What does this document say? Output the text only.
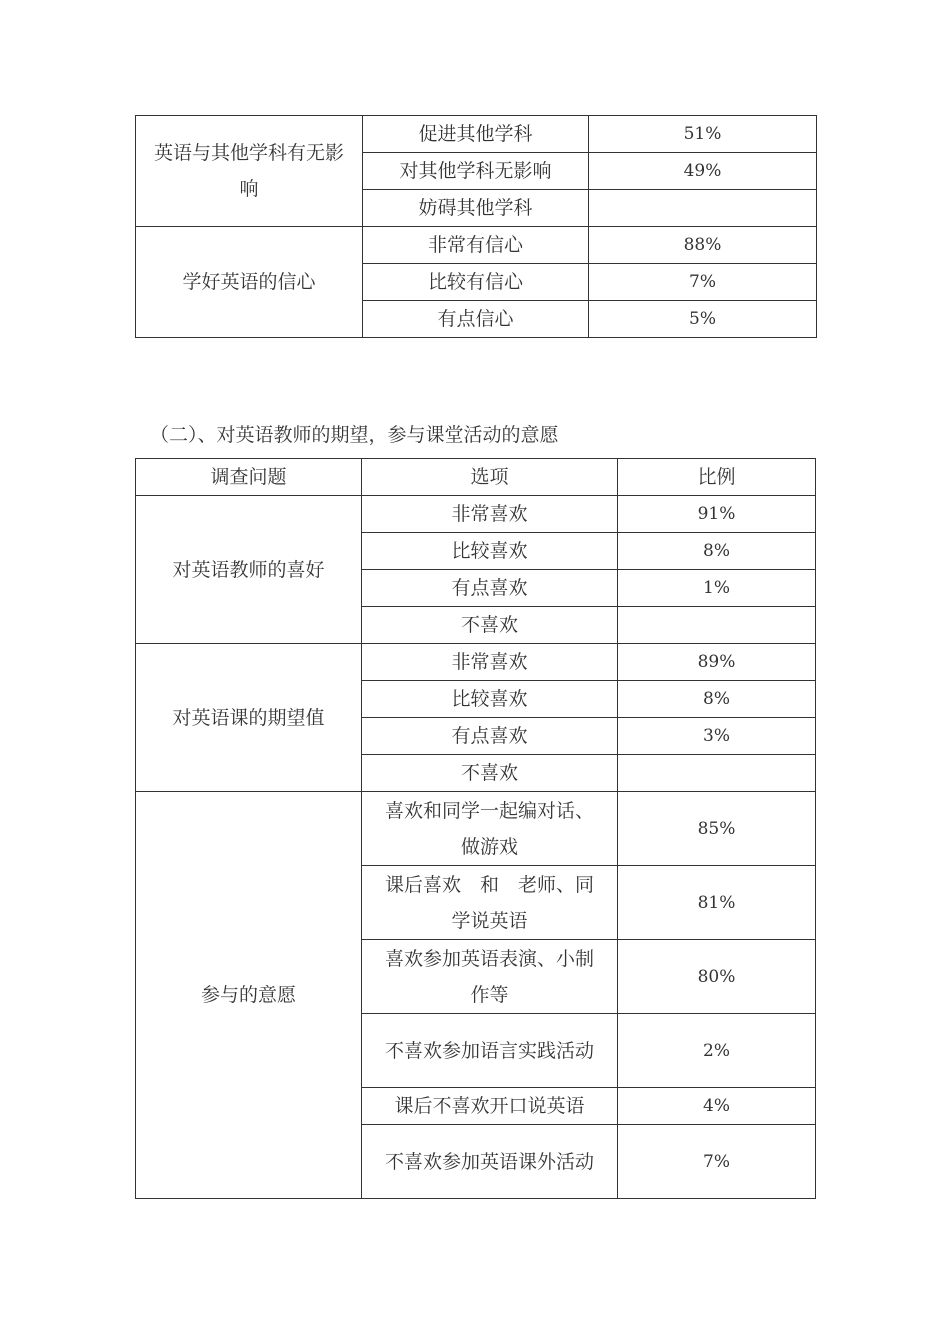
英语与其他学科有无影响	促进其他学科	51%
	对其他学科无影响	49%
	妨碍其他学科	
学好英语的信心	非常有信心	88%
	比较有信心	7%
	有点信心	5%
（二）、对英语教师的期望，参与课堂活动的意愿
调查问题	选项	比例
对英语教师的喜好	非常喜欢	91%
	比较喜欢	8%
	有点喜欢	1%
	不喜欢	
对英语课的期望值	非常喜欢	89%
	比较喜欢	8%
	有点喜欢	3%
	不喜欢	
参与的意愿	喜欢和同学一起编对话、做游戏	85%
	课后喜欢　和　老师、同学说英语	81%
	喜欢参加英语表演、小制作等	80%
	不喜欢参加语言实践活动	2%
	课后不喜欢开口说英语	4%
	不喜欢参加英语课外活动	7%
